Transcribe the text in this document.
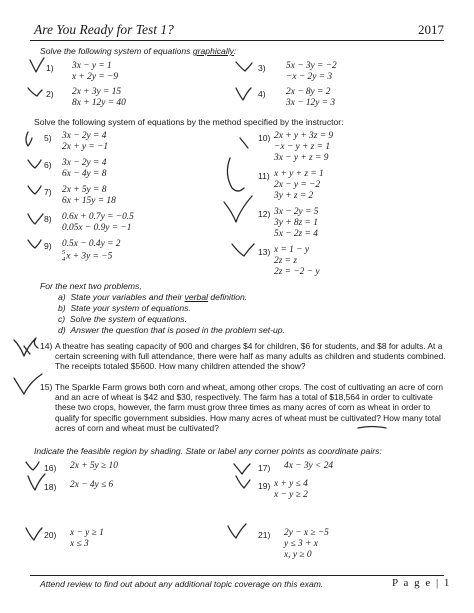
Are You Ready for Test 1?	2017
Solve the following system of equations graphically:
1) 3x − y = 1
x + 2y = −9
2) 2x + 3y = 15
8x + 12y = 40
3) 5x − 3y = −2
−x − 2y = 3
4) 2x − 8y = 2
3x − 12y = 3
Solve the following system of equations by the method specified by the instructor:
5) 3x − 2y = 4
2x + y = −1
6) 3x − 2y = 4
6x − 4y = 8
7) 2x + 5y = 8
6x + 15y = 18
8) 0.6x + 0.7y = −0.5
0.05x − 0.9y = −1
9) 0.5x − 0.4y = 2
5
4x + 3y = −5
10) 2x + y + 3z = 9
−x − y + z = 1
3x − y + z = 9
11) x + y + z = 1
2x − y = −2
3y + z = 2
12) 3x − 2y = 5
3y + 8z = 1
5x − 2z = 4
13) x = 1 − y
2z = z
2z = −2 − y
For the next two problems,
a) State your variables and their verbal definition.
b) State your system of equations.
c) Solve the system of equations.
d) Answer the question that is posed in the problem set-up.
14) A theatre has seating capacity of 900 and charges $4 for children, $6 for students, and $8 for adults. At a certain screening with full attendance, there were half as many adults as children and students combined. The receipts totaled $5600. How many children attended the show?
15) The Sparkle Farm grows both corn and wheat, among other crops. The cost of cultivating an acre of corn and an acre of wheat is $42 and $30, respectively. The farm has a total of $18,564 in order to cultivate these two crops, however, the farm must grow three times as many acres of corn as wheat in order to qualify for specific government subsidies. How many acres of wheat must be cultivated? How many total acres of corn and wheat must be cultivated?
Indicate the feasible region by shading. State or label any corner points as coordinate pairs:
16) 2x + 5y ≥ 10	17) 4x − 3y < 24
18) 2x − 4y ≤ 6	19) x + y ≤ 4
x − y ≥ 2
20) x − y ≥ 1
x ≤ 3
21) 2y − x ≥ −5
y ≤ 3 + x
x, y ≥ 0
Attend review to find out about any additional topic coverage on this exam.	P a g e | 1
